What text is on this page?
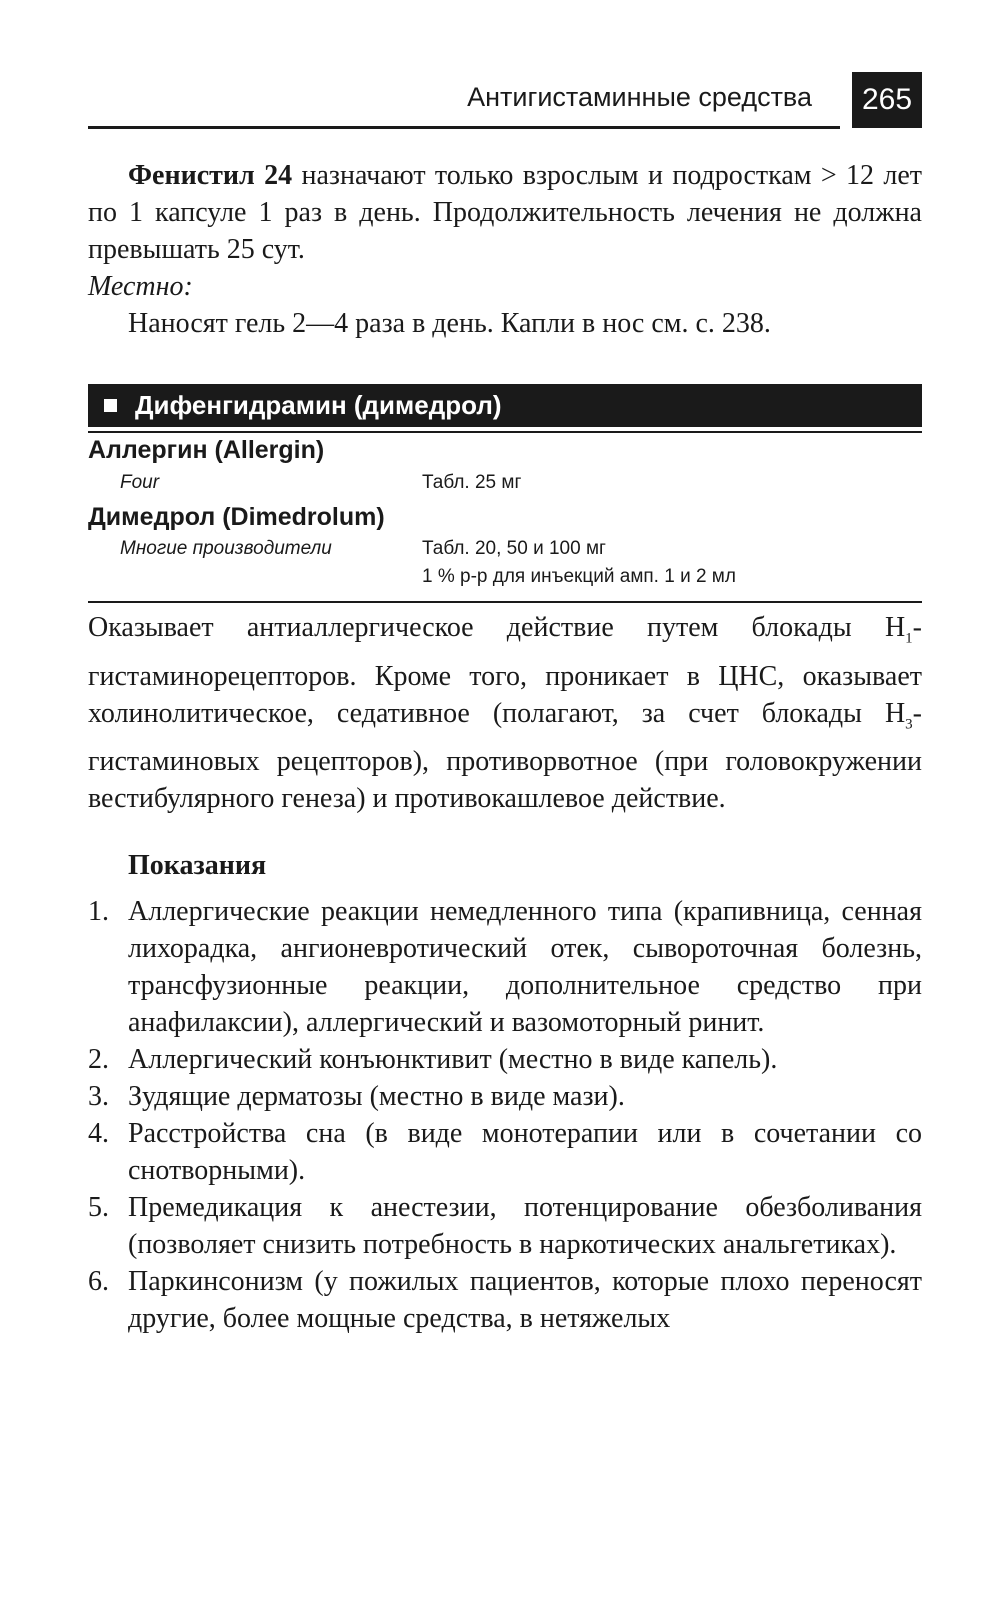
Антигистаминные средства	265

Фенистил 24 назначают только взрослым и подросткам > 12 лет по 1 капсуле 1 раз в день. Продолжительность лечения не должна превышать 25 сут.

Местно:

Наносят гель 2—4 раза в день. Капли в нос см. с. 238.

Дифенгидрамин (димедрол)
Аллергин (Allergin)
Four	Табл. 25 мг
Димедрол (Dimedrolum)
Многие производители	Табл. 20, 50 и 100 мг
1 % р-р для инъекций амп. 1 и 2 мл

Оказывает антиаллергическое действие путем блокады $H_1$-гистаминорецепторов. Кроме того, проникает в ЦНС, оказывает холинолитическое, седативное (полагают, за счет блокады $H_3$-гистаминовых рецепторов), противорвотное (при головокружении вестибулярного генеза) и противокашлевое действие.

Показания

1. Аллергические реакции немедленного типа (крапивница, сенная лихорадка, ангионевротический отек, сывороточная болезнь, трансфузионные реакции, дополнительное средство при анафилаксии), аллергический и вазомоторный ринит.
2. Аллергический конъюнктивит (местно в виде капель).
3. Зудящие дерматозы (местно в виде мази).
4. Расстройства сна (в виде монотерапии или в сочетании со снотворными).
5. Премедикация к анестезии, потенцирование обезболивания (позволяет снизить потребность в наркотических анальгетиках).
6. Паркинсонизм (у пожилых пациентов, которые плохо переносят другие, более мощные средства, в нетяжелых
